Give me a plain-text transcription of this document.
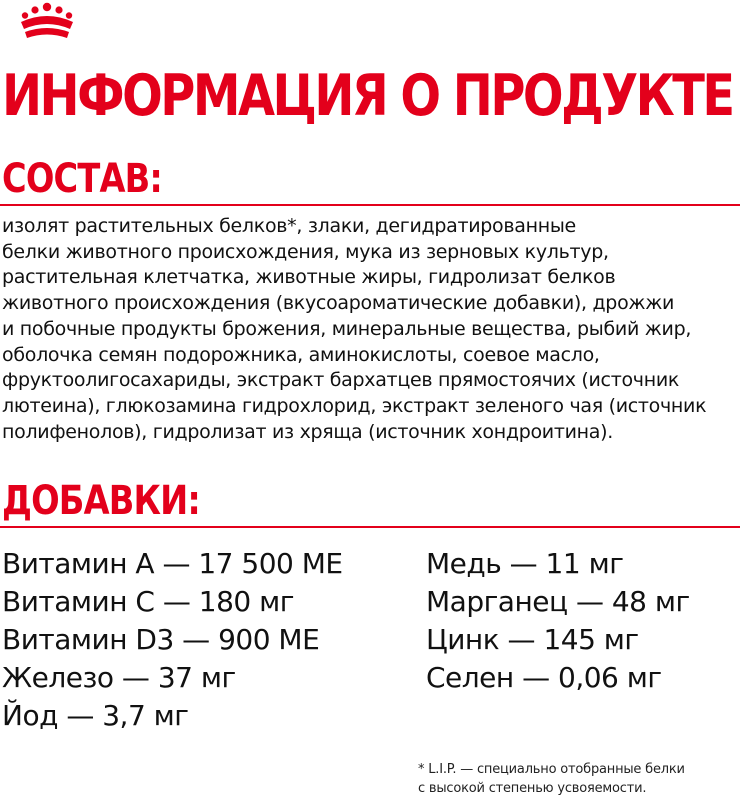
ИНФОРМАЦИЯ О ПРОДУКТЕ
СОСТАВ:

изолят растительных белков*, злаки, дегидратированные
белки животного происхождения, мука из зерновых культур,
растительная клетчатка, животные жиры, гидролизат белков
животного происхождения (вкусоароматические добавки), дрожжи
и побочные продукты брожения, минеральные вещества, рыбий жир,
оболочка семян подорожника, аминокислоты, соевое масло,
фруктоолигосахариды, экстракт бархатцев прямостоячих (источник
лютеина), глюкозамина гидрохлорид, экстракт зеленого чая (источник
полифенолов), гидролизат из хряща (источник хондроитина).

ДОБАВКИ:
Витамин А — 17 500 МЕ
Витамин С — 180 мг
Витамин D3 — 900 МЕ
Железо — 37 мг
Йод — 3,7 мг
Медь — 11 мг
Марганец — 48 мг
Цинк — 145 мг
Селен — 0,06 мг

* L.I.P. — специально отобранные белки
с высокой степенью усвояемости.
